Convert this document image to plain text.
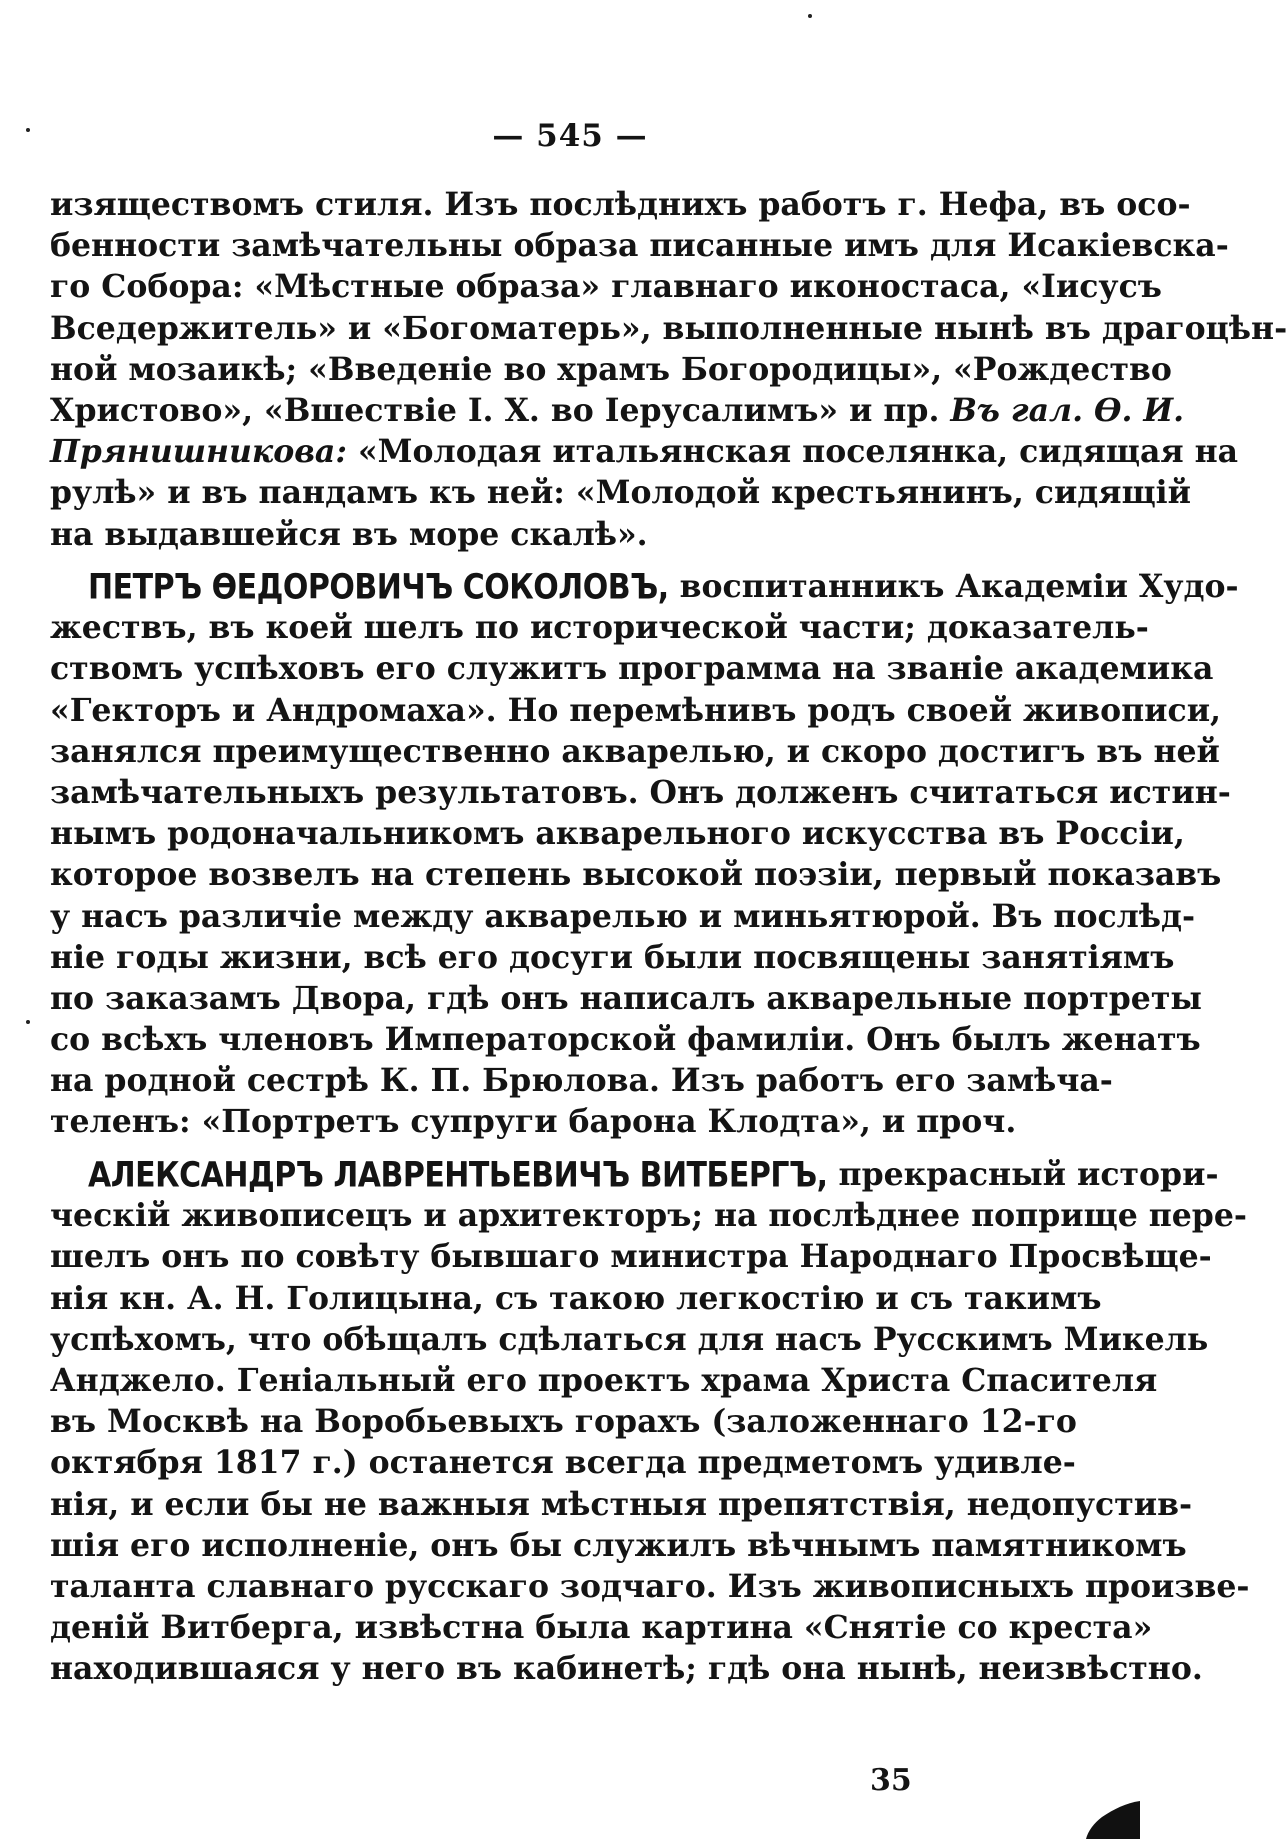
— 545 —
изяществомъ стиля. Изъ послѣднихъ работъ г. Нефа, въ осо-
бенности замѣчательны образа писанные имъ для Исакіевска-
го Собора: «Мѣстные образа» главнаго иконостаса, «Іисусъ
Вседержитель» и «Богоматерь», выполненные нынѣ въ драгоцѣн-
ной мозаикѣ; «Введеніе во храмъ Богородицы», «Рождество
Христово», «Вшествіе І. Х. во Іерусалимъ» и пр. Въ гал. Ѳ. И.
Прянишникова: «Молодая итальянская поселянка, сидящая на
рулѣ» и въ пандамъ къ ней: «Молодой крестьянинъ, сидящій
на выдавшейся въ море скалѣ».
ПЕТРЪ ѲЕДОРОВИЧЪ СОКОЛОВЪ, воспитанникъ Академіи Худо-
жествъ, въ коей шелъ по исторической части; доказатель-
ствомъ успѣховъ его служитъ программа на званіе академика
«Гекторъ и Андромаха». Но перемѣнивъ родъ своей живописи,
занялся преимущественно акварелью, и скоро достигъ въ ней
замѣчательныхъ результатовъ. Онъ долженъ считаться истин-
нымъ родоначальникомъ акварельного искусства въ Россіи,
которое возвелъ на степень высокой поэзіи, первый показавъ
у насъ различіе между акварелью и миньятюрой. Въ послѣд-
ніе годы жизни, всѣ его досуги были посвящены занятіямъ
по заказамъ Двора, гдѣ онъ написалъ акварельные портреты
со всѣхъ членовъ Императорской фамиліи. Онъ былъ женатъ
на родной сестрѣ К. П. Брюлова. Изъ работъ его замѣча-
теленъ: «Портретъ супруги барона Клодта», и проч.
АЛЕКСАНДРЪ ЛАВРЕНТЬЕВИЧЪ ВИТБЕРГЪ, прекрасный истори-
ческій живописецъ и архитекторъ; на послѣднее поприще пере-
шелъ онъ по совѣту бывшаго министра Народнаго Просвѣще-
нія кн. А. Н. Голицына, съ такою легкостію и съ такимъ
успѣхомъ, что обѣщалъ сдѣлаться для насъ Русскимъ Микель
Анджело. Геніальный его проектъ храма Христа Спасителя
въ Москвѣ на Воробьевыхъ горахъ (заложеннаго 12-го
октября 1817 г.) останется всегда предметомъ удивле-
нія, и если бы не важныя мѣстныя препятствія, недопустив-
шія его исполненіе, онъ бы служилъ вѣчнымъ памятникомъ
таланта славнаго русскаго зодчаго. Изъ живописныхъ произве-
деній Витберга, извѣстна была картина «Снятіе со креста»
находившаяся у него въ кабинетѣ; гдѣ она нынѣ, неизвѣстно.
35
